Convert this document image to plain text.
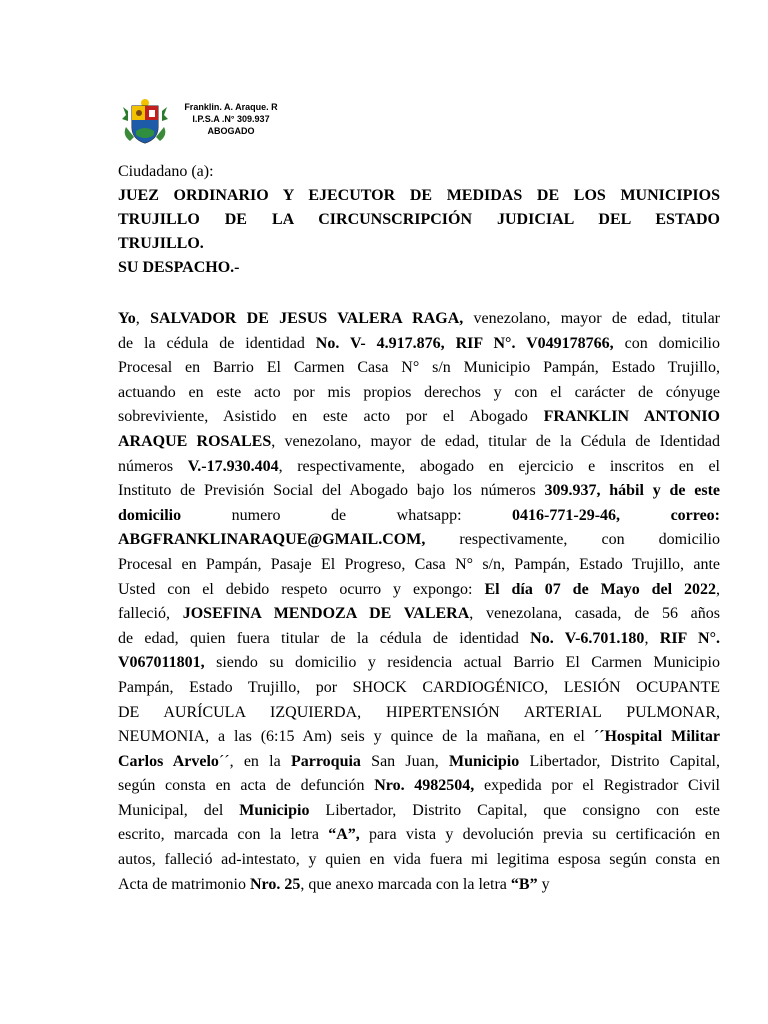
Franklin. A. Araque. R
I.P.S.A .N° 309.937
ABOGADO
Ciudadano (a):
JUEZ ORDINARIO Y EJECUTOR DE MEDIDAS DE LOS MUNICIPIOS
TRUJILLO DE LA CIRCUNSCRIPCIÓN JUDICIAL DEL ESTADO
TRUJILLO.
SU DESPACHO.-
Yo, SALVADOR DE JESUS VALERA RAGA, venezolano, mayor de edad, titular
de la cédula de identidad No. V- 4.917.876, RIF N°. V049178766, con domicilio
Procesal en Barrio El Carmen Casa N° s/n Municipio Pampán, Estado Trujillo,
actuando en este acto por mis propios derechos y con el carácter de cónyuge
sobreviviente, Asistido en este acto por el Abogado FRANKLIN ANTONIO
ARAQUE ROSALES, venezolano, mayor de edad, titular de la Cédula de Identidad
números V.-17.930.404, respectivamente, abogado en ejercicio e inscritos en el
Instituto de Previsión Social del Abogado bajo los números 309.937, hábil y de este
domicilio numero de whatsapp: 0416-771-29-46,	correo:
ABGFRANKLINARAQUE@GMAIL.COM, respectivamente, con domicilio
Procesal en Pampán, Pasaje El Progreso, Casa N° s/n, Pampán, Estado Trujillo, ante
Usted con el debido respeto ocurro y expongo: El día 07 de Mayo del 2022,
falleció, JOSEFINA MENDOZA DE VALERA, venezolana, casada, de 56 años
de edad, quien fuera titular de la cédula de identidad No. V-6.701.180, RIF N°.
V067011801, siendo su domicilio y residencia actual Barrio El Carmen Municipio
Pampán, Estado Trujillo, por SHOCK CARDIOGÉNICO, LESIÓN OCUPANTE
DE AURÍCULA IZQUIERDA, HIPERTENSIÓN ARTERIAL PULMONAR,
NEUMONIA, a las (6:15 Am) seis y quince de la mañana, en el ´´Hospital Militar
Carlos Arvelo´´, en la Parroquia San Juan, Municipio Libertador, Distrito Capital,
según consta en acta de defunción Nro. 4982504, expedida por el Registrador Civil
Municipal, del Municipio Libertador, Distrito Capital, que consigno con este
escrito, marcada con la letra “A”, para vista y devolución previa su certificación en
autos, falleció ad-intestato, y quien en vida fuera mi legitima esposa según consta en
Acta de matrimonio Nro. 25, que anexo marcada con la letra “B” y
